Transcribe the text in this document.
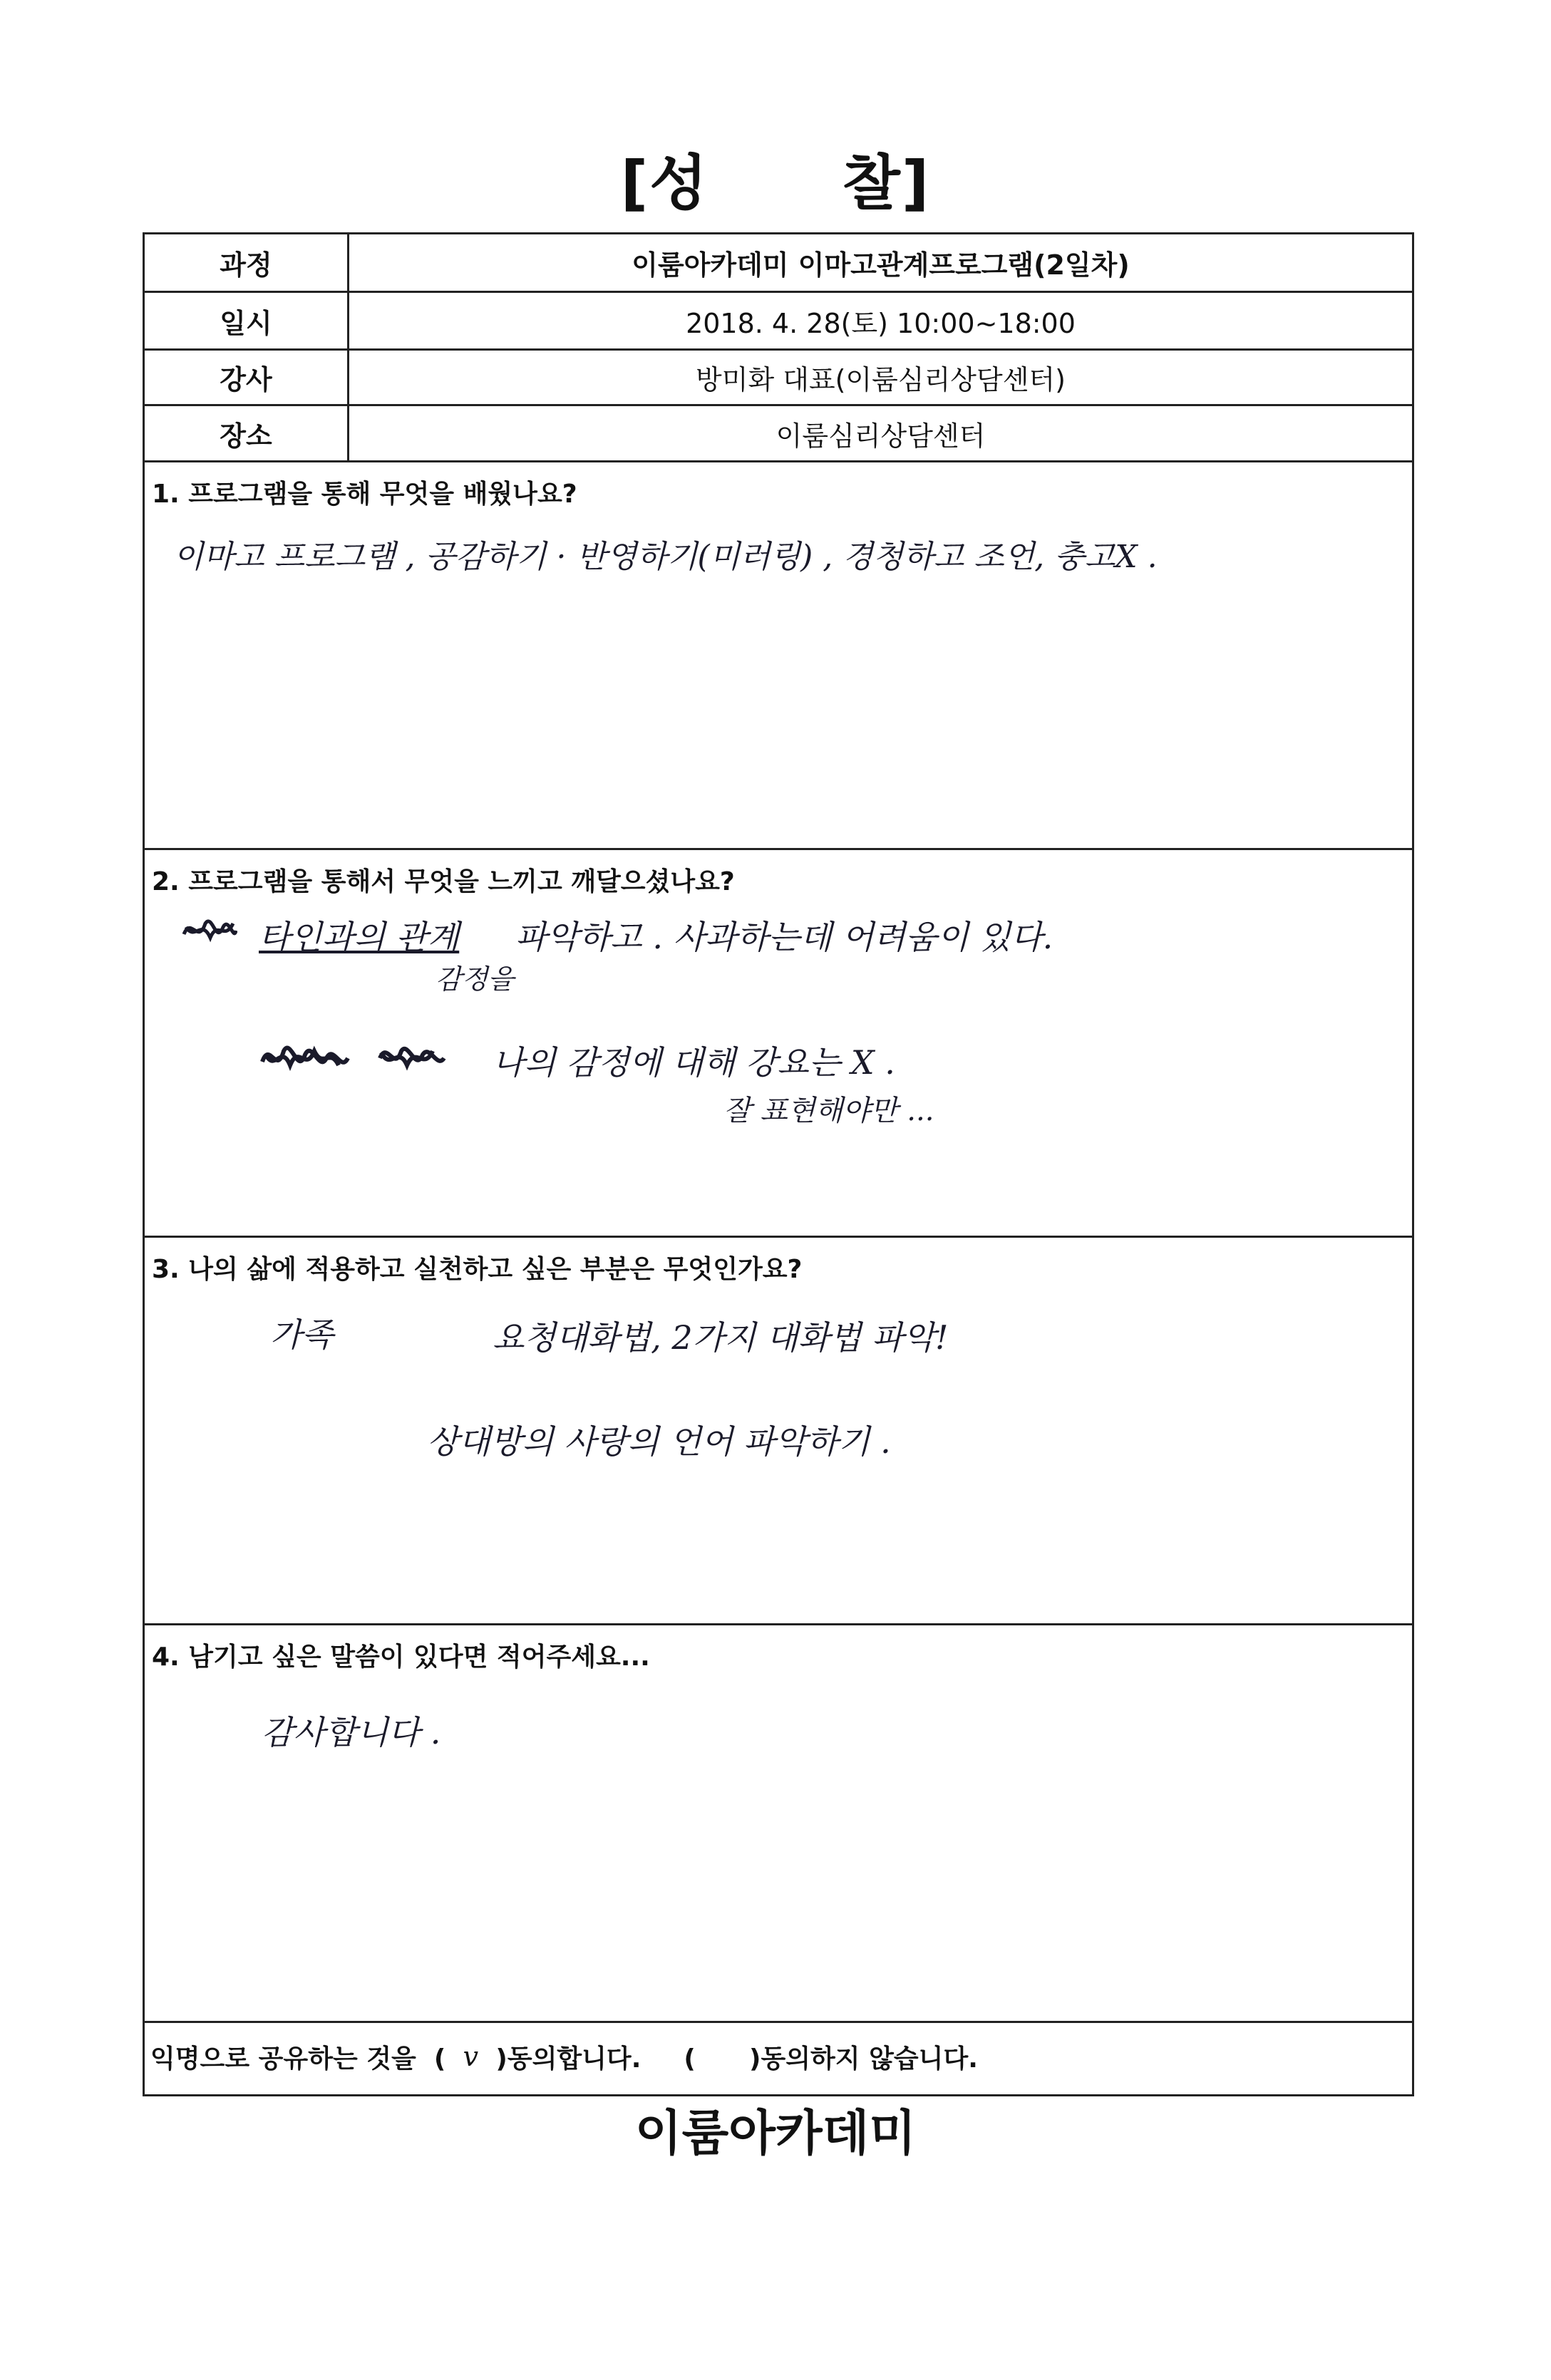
[성      찰]
과정	이룸아카데미 이마고관계프로그램(2일차)
일시	2018. 4. 28(토) 10:00~18:00
강사	방미화 대표(이룸심리상담센터)
장소	이룸심리상담센터
1. 프로그램을 통해 무엇을 배웠나요?
이마고 프로그램 , 공감하기 · 반영하기(미러링) , 경청하고 조언, 충고X .
2. 프로그램을 통해서 무엇을 느끼고 깨달으셨나요?
타인과의 관계
감정을
파악하고 . 사과하는데 어려움이 있다.
나의 감정에 대해 강요는 X .
잘 표현해야만 ...
3. 나의 삶에 적용하고 실천하고 싶은 부분은 무엇인가요?
가족	요청대화법, 2가지 대화법 파악!
상대방의 사랑의 언어 파악하기 .
4. 남기고 싶은 말씀이 있다면 적어주세요...
감사합니다 .
익명으로 공유하는 것을  ( v )동의합니다. (      )동의하지 않습니다.
이룸아카데미
